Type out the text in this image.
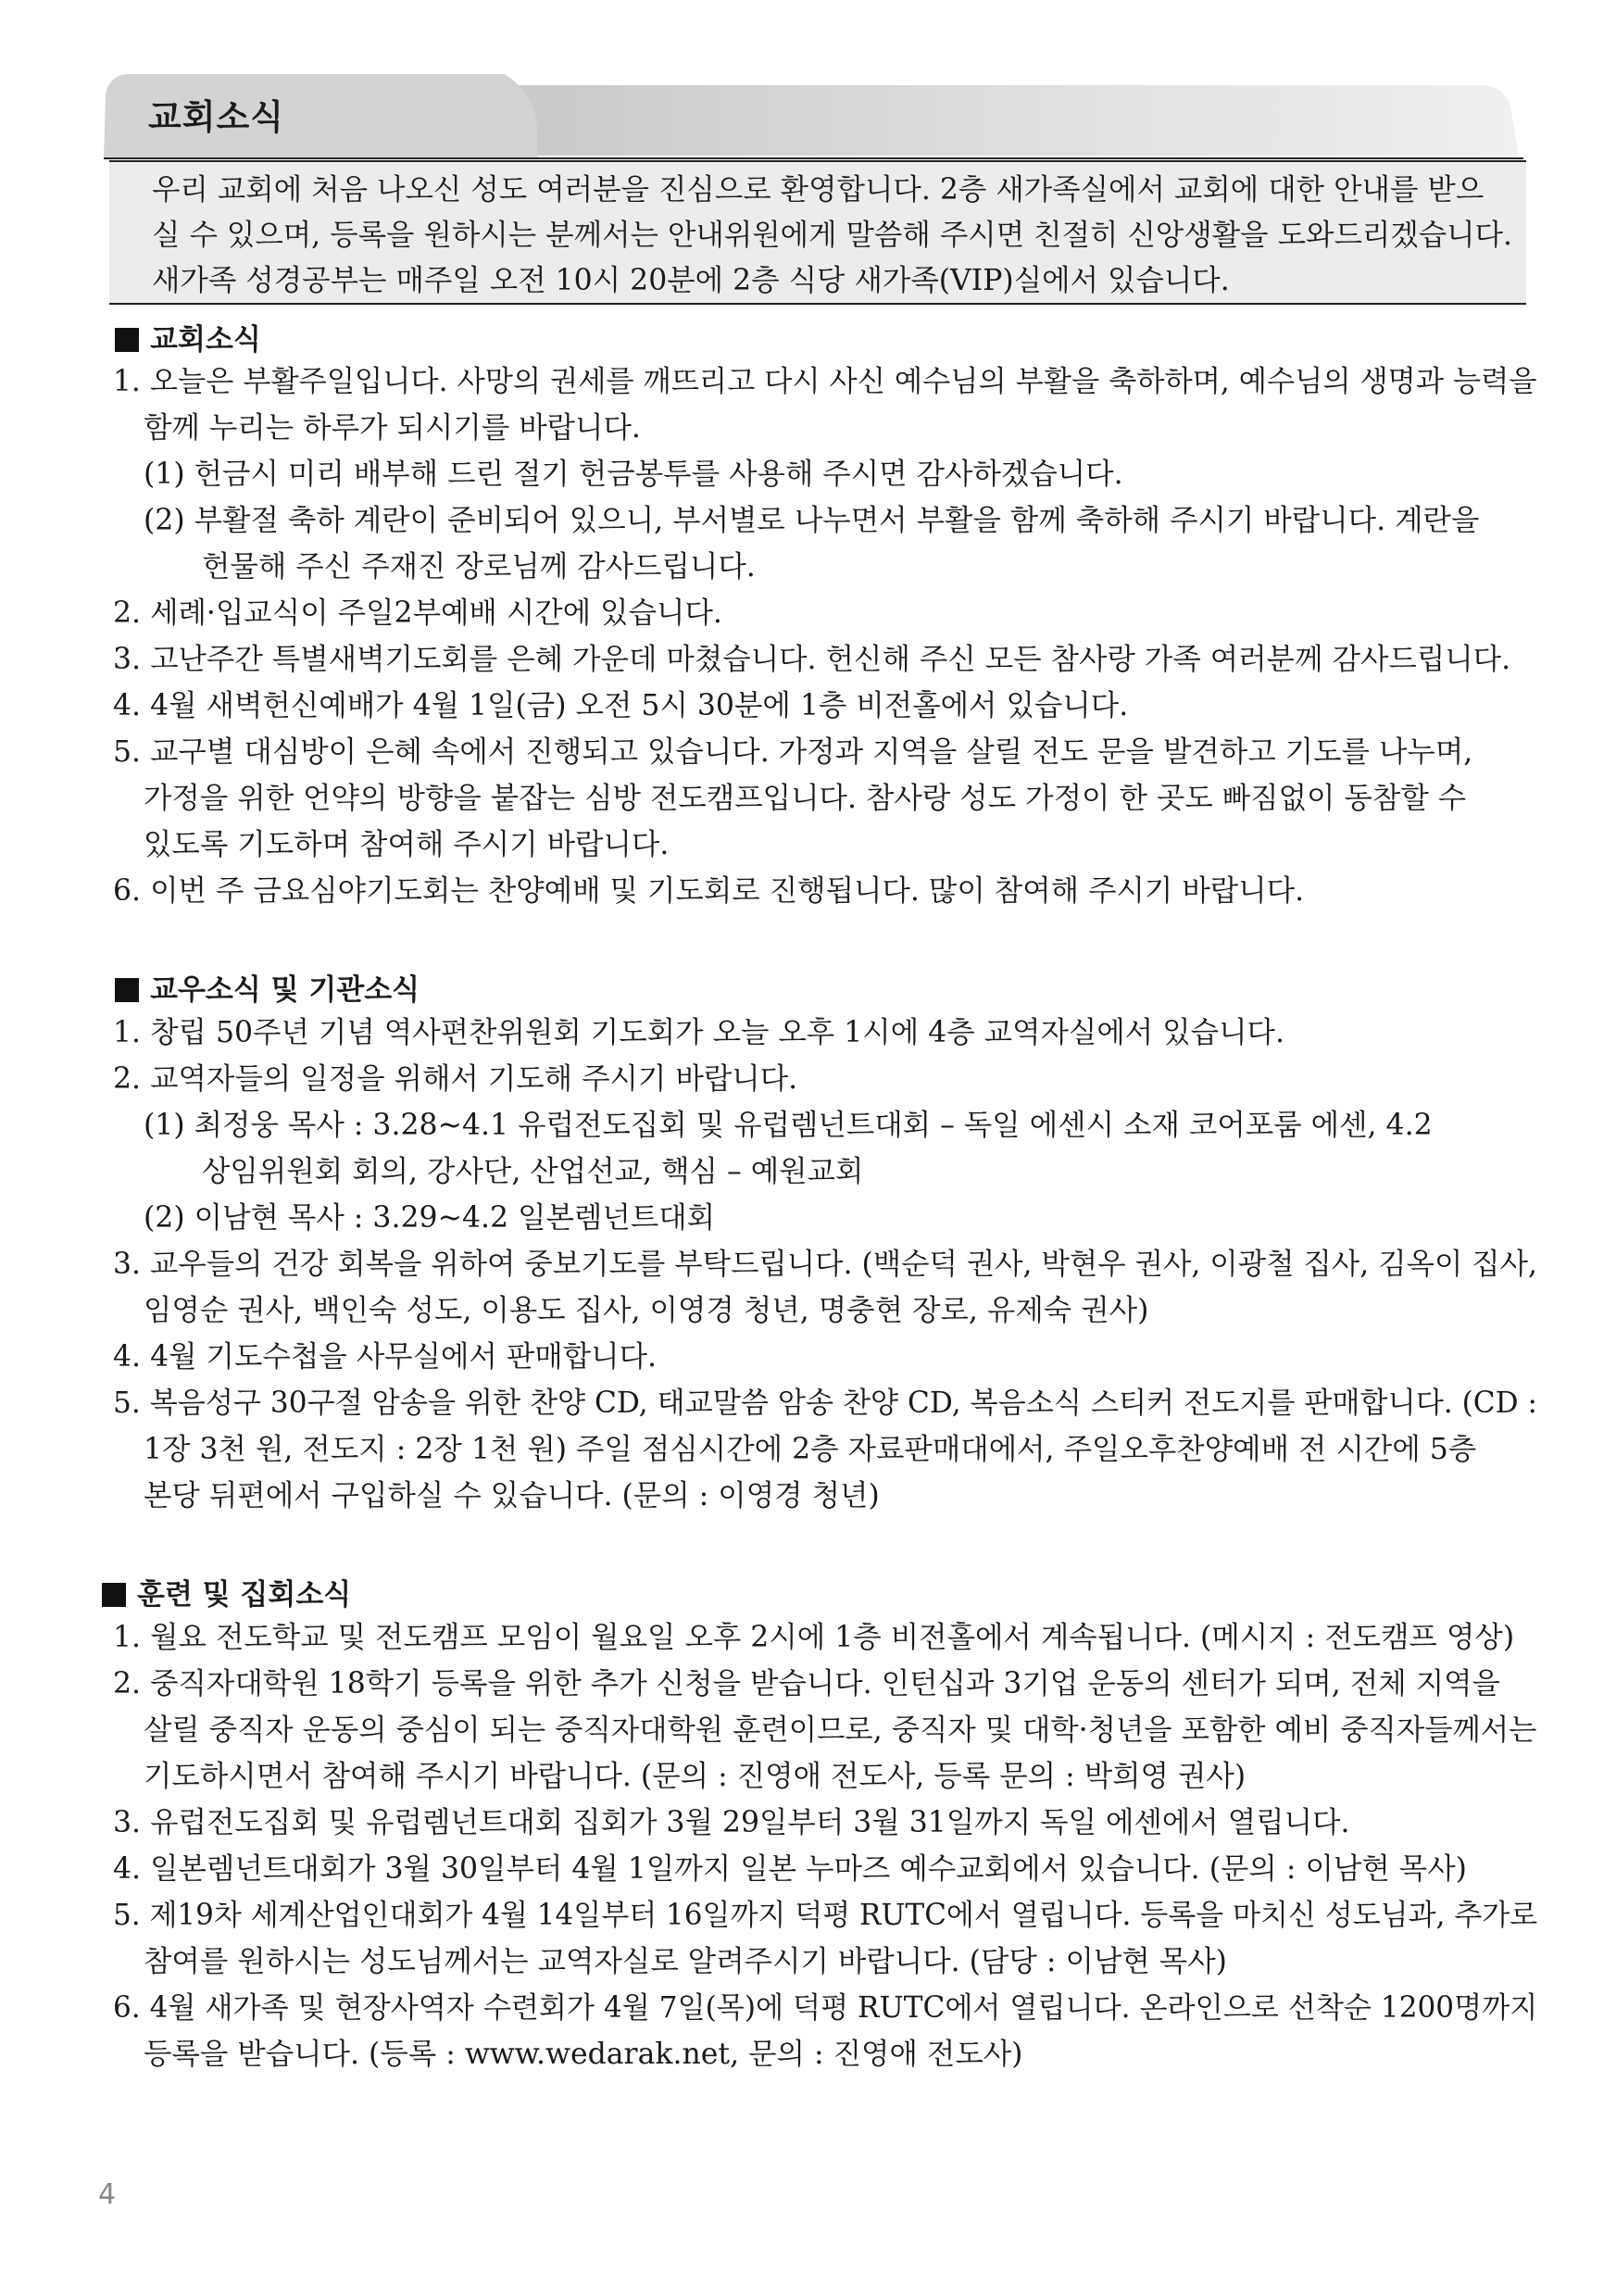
교회소식
우리 교회에 처음 나오신 성도 여러분을 진심으로 환영합니다. 2층 새가족실에서 교회에 대한 안내를 받으
실 수 있으며, 등록을 원하시는 분께서는 안내위원에게 말씀해 주시면 친절히 신앙생활을 도와드리겠습니다.
새가족 성경공부는 매주일 오전 10시 20분에 2층 식당 새가족(VIP)실에서 있습니다.
교회소식
1. 오늘은 부활주일입니다. 사망의 권세를 깨뜨리고 다시 사신 예수님의 부활을 축하하며, 예수님의 생명과 능력을
함께 누리는 하루가 되시기를 바랍니다.
(1) 헌금시 미리 배부해 드린 절기 헌금봉투를 사용해 주시면 감사하겠습니다.
(2) 부활절 축하 계란이 준비되어 있으니, 부서별로 나누면서 부활을 함께 축하해 주시기 바랍니다. 계란을
헌물해 주신 주재진 장로님께 감사드립니다.
2. 세례·입교식이 주일2부예배 시간에 있습니다.
3. 고난주간 특별새벽기도회를 은혜 가운데 마쳤습니다. 헌신해 주신 모든 참사랑 가족 여러분께 감사드립니다.
4. 4월 새벽헌신예배가 4월 1일(금) 오전 5시 30분에 1층 비전홀에서 있습니다.
5. 교구별 대심방이 은혜 속에서 진행되고 있습니다. 가정과 지역을 살릴 전도 문을 발견하고 기도를 나누며,
가정을 위한 언약의 방향을 붙잡는 심방 전도캠프입니다. 참사랑 성도 가정이 한 곳도 빠짐없이 동참할 수
있도록 기도하며 참여해 주시기 바랍니다.
6. 이번 주 금요심야기도회는 찬양예배 및 기도회로 진행됩니다. 많이 참여해 주시기 바랍니다.
교우소식 및 기관소식
1. 창립 50주년 기념 역사편찬위원회 기도회가 오늘 오후 1시에 4층 교역자실에서 있습니다.
2. 교역자들의 일정을 위해서 기도해 주시기 바랍니다.
(1) 최정웅 목사 : 3.28~4.1 유럽전도집회 및 유럽렘넌트대회 – 독일 에센시 소재 코어포룸 에센, 4.2
상임위원회 회의, 강사단, 산업선교, 핵심 – 예원교회
(2) 이남현 목사 : 3.29~4.2 일본렘넌트대회
3. 교우들의 건강 회복을 위하여 중보기도를 부탁드립니다. (백순덕 권사, 박현우 권사, 이광철 집사, 김옥이 집사,
임영순 권사, 백인숙 성도, 이용도 집사, 이영경 청년, 명충현 장로, 유제숙 권사)
4. 4월 기도수첩을 사무실에서 판매합니다.
5. 복음성구 30구절 암송을 위한 찬양 CD, 태교말씀 암송 찬양 CD, 복음소식 스티커 전도지를 판매합니다. (CD :
1장 3천 원, 전도지 : 2장 1천 원) 주일 점심시간에 2층 자료판매대에서, 주일오후찬양예배 전 시간에 5층
본당 뒤편에서 구입하실 수 있습니다. (문의 : 이영경 청년)
훈련 및 집회소식
1. 월요 전도학교 및 전도캠프 모임이 월요일 오후 2시에 1층 비전홀에서 계속됩니다. (메시지 : 전도캠프 영상)
2. 중직자대학원 18학기 등록을 위한 추가 신청을 받습니다. 인턴십과 3기업 운동의 센터가 되며, 전체 지역을
살릴 중직자 운동의 중심이 되는 중직자대학원 훈련이므로, 중직자 및 대학·청년을 포함한 예비 중직자들께서는
기도하시면서 참여해 주시기 바랍니다. (문의 : 진영애 전도사, 등록 문의 : 박희영 권사)
3. 유럽전도집회 및 유럽렘넌트대회 집회가 3월 29일부터 3월 31일까지 독일 에센에서 열립니다.
4. 일본렘넌트대회가 3월 30일부터 4월 1일까지 일본 누마즈 예수교회에서 있습니다. (문의 : 이남현 목사)
5. 제19차 세계산업인대회가 4월 14일부터 16일까지 덕평 RUTC에서 열립니다. 등록을 마치신 성도님과, 추가로
참여를 원하시는 성도님께서는 교역자실로 알려주시기 바랍니다. (담당 : 이남현 목사)
6. 4월 새가족 및 현장사역자 수련회가 4월 7일(목)에 덕평 RUTC에서 열립니다. 온라인으로 선착순 1200명까지
등록을 받습니다. (등록 : www.wedarak.net, 문의 : 진영애 전도사)
4
